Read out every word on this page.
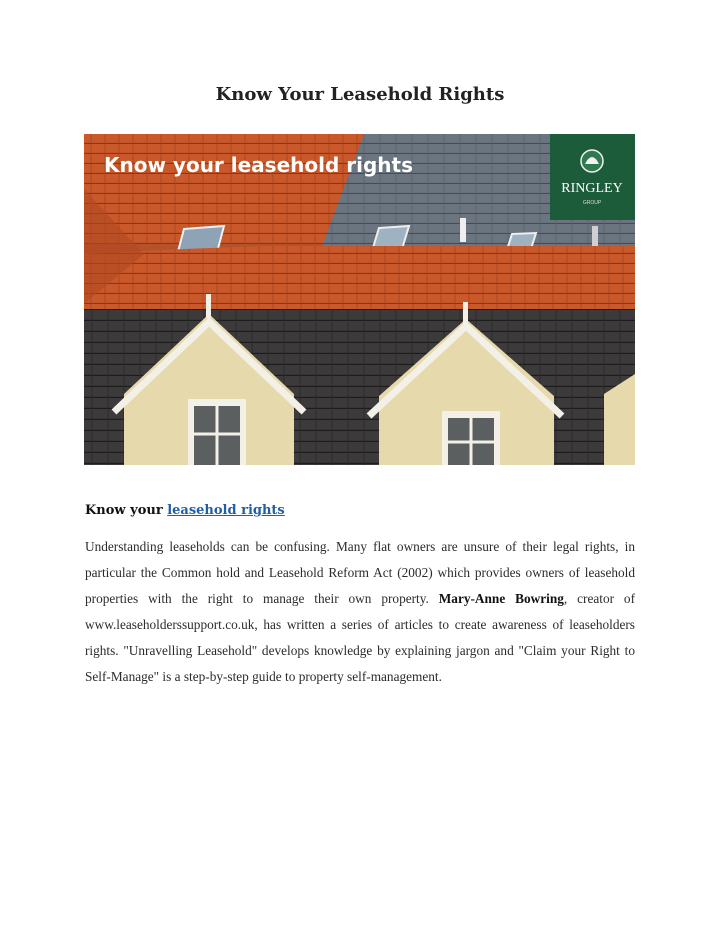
Know Your Leasehold Rights
Know your leasehold rights
RINGLEY
GROUP

Know your leasehold rights

Understanding leaseholds can be confusing. Many flat owners are unsure of their legal rights, in particular the Common hold and Leasehold Reform Act (2002) which provides owners of leasehold properties with the right to manage their own property. Mary-Anne Bowring, creator of www.leaseholderssupport.co.uk, has written a series of articles to create awareness of leaseholders rights. "Unravelling Leasehold" develops knowledge by explaining jargon and "Claim your Right to Self-Manage" is a step-by-step guide to property self-management.
